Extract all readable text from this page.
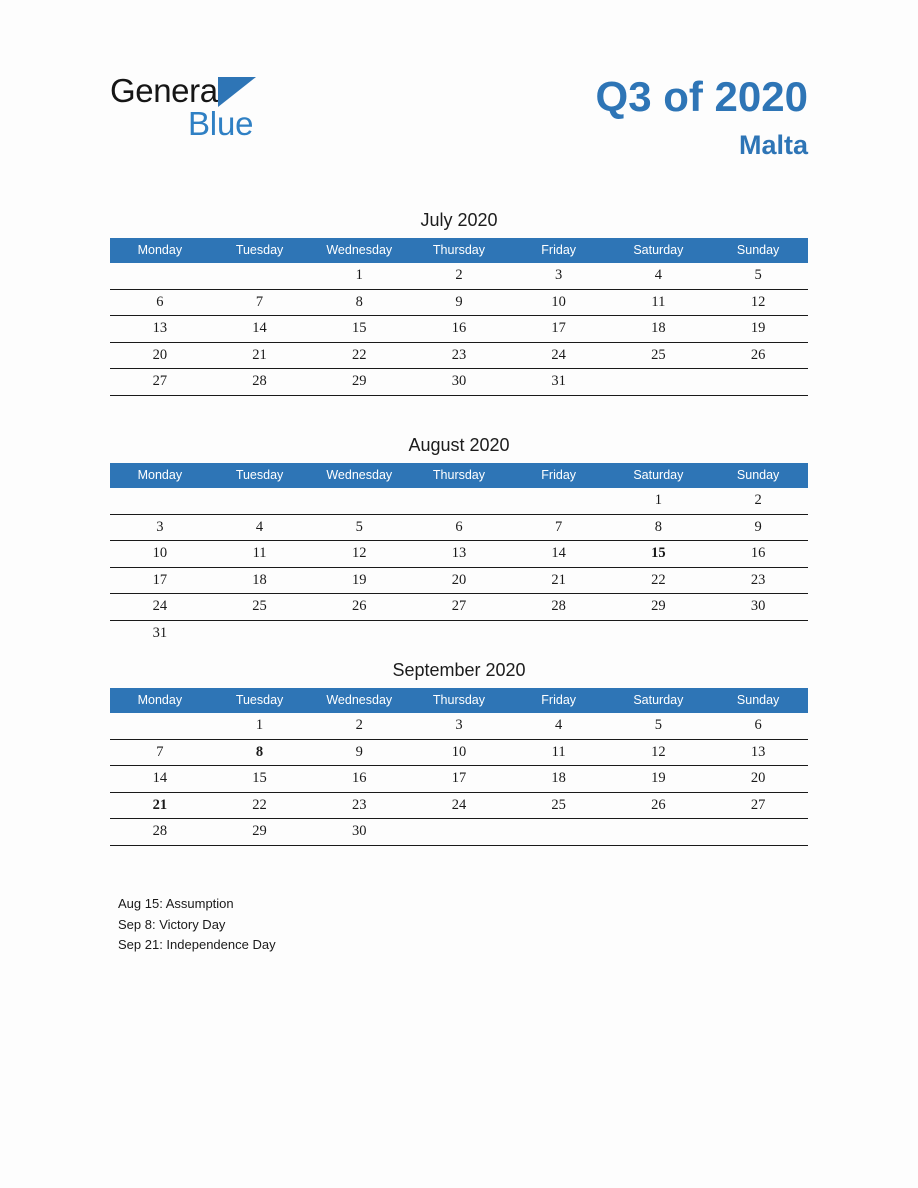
General
Blue
Q3 of 2020
Malta
July 2020
Monday	Tuesday	Wednesday	Thursday	Friday	Saturday	Sunday
		1	2	3	4	5
6	7	8	9	10	11	12
13	14	15	16	17	18	19
20	21	22	23	24	25	26
27	28	29	30	31		
August 2020
Monday	Tuesday	Wednesday	Thursday	Friday	Saturday	Sunday
					1	2
3	4	5	6	7	8	9
10	11	12	13	14	15	16
17	18	19	20	21	22	23
24	25	26	27	28	29	30
31						
September 2020
Monday	Tuesday	Wednesday	Thursday	Friday	Saturday	Sunday
	1	2	3	4	5	6
7	8	9	10	11	12	13
14	15	16	17	18	19	20
21	22	23	24	25	26	27
28	29	30				
Aug 15: Assumption
Sep 8: Victory Day
Sep 21: Independence Day
